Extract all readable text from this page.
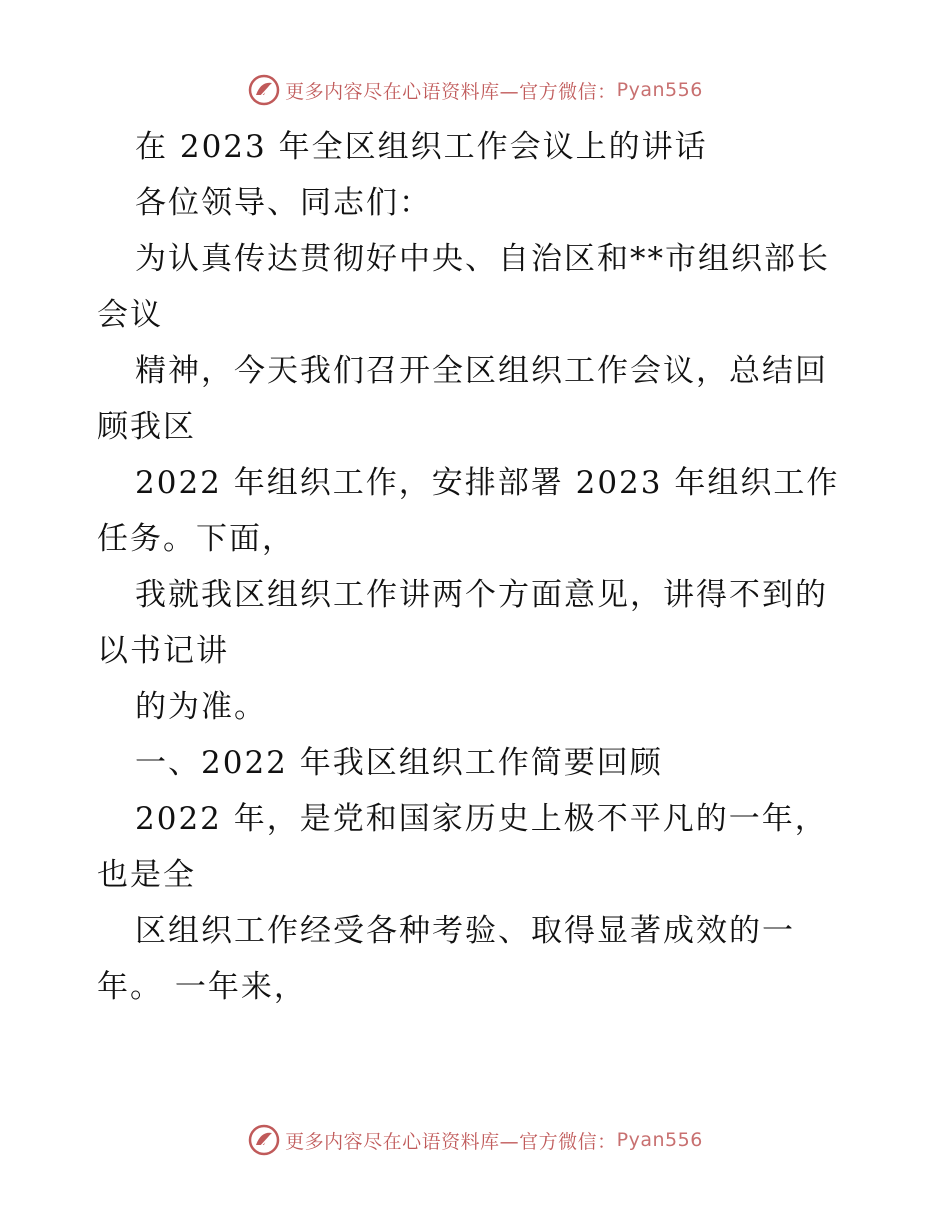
更多内容尽在心语资料库—官方微信： Pyan556
在 2023 年全区组织工作会议上的讲话
各位领导、同志们：
为认真传达贯彻好中央、自治区和**市组织部长
会议
精神，今天我们召开全区组织工作会议，总结回
顾我区
2022 年组织工作，安排部署 2023 年组织工作
任务。下面，
我就我区组织工作讲两个方面意见，讲得不到的
以书记讲
的为准。
一、2022 年我区组织工作简要回顾
2022 年，是党和国家历史上极不平凡的一年，
也是全
区组织工作经受各种考验、取得显著成效的一
年。 一年来，
更多内容尽在心语资料库—官方微信： Pyan556
